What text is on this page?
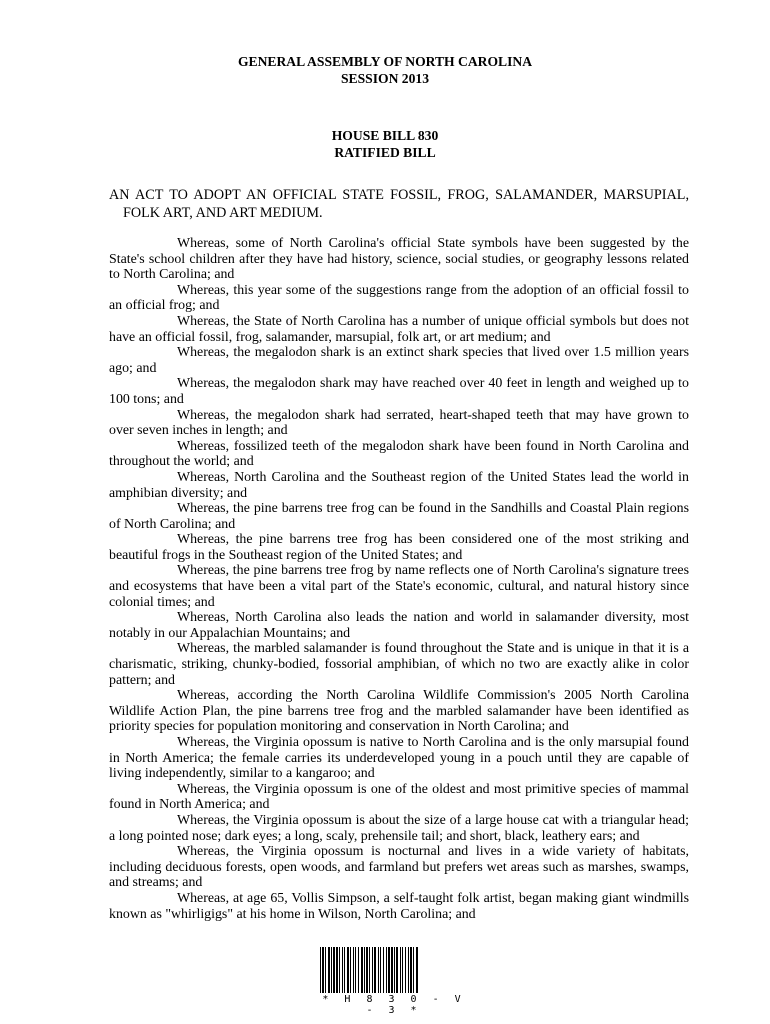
GENERAL ASSEMBLY OF NORTH CAROLINA
SESSION 2013
HOUSE BILL 830
RATIFIED BILL
AN ACT TO ADOPT AN OFFICIAL STATE FOSSIL, FROG, SALAMANDER, MARSUPIAL, FOLK ART, AND ART MEDIUM.

Whereas, some of North Carolina's official State symbols have been suggested by the State's school children after they have had history, science, social studies, or geography lessons related to North Carolina; and

Whereas, this year some of the suggestions range from the adoption of an official fossil to an official frog; and

Whereas, the State of North Carolina has a number of unique official symbols but does not have an official fossil, frog, salamander, marsupial, folk art, or art medium; and

Whereas, the megalodon shark is an extinct shark species that lived over 1.5 million years ago; and

Whereas, the megalodon shark may have reached over 40 feet in length and weighed up to 100 tons; and

Whereas, the megalodon shark had serrated, heart-shaped teeth that may have grown to over seven inches in length; and

Whereas, fossilized teeth of the megalodon shark have been found in North Carolina and throughout the world; and

Whereas, North Carolina and the Southeast region of the United States lead the world in amphibian diversity; and

Whereas, the pine barrens tree frog can be found in the Sandhills and Coastal Plain regions of North Carolina; and

Whereas, the pine barrens tree frog has been considered one of the most striking and beautiful frogs in the Southeast region of the United States; and

Whereas, the pine barrens tree frog by name reflects one of North Carolina's signature trees and ecosystems that have been a vital part of the State's economic, cultural, and natural history since colonial times; and

Whereas, North Carolina also leads the nation and world in salamander diversity, most notably in our Appalachian Mountains; and

Whereas, the marbled salamander is found throughout the State and is unique in that it is a charismatic, striking, chunky-bodied, fossorial amphibian, of which no two are exactly alike in color pattern; and

Whereas, according the North Carolina Wildlife Commission's 2005 North Carolina Wildlife Action Plan, the pine barrens tree frog and the marbled salamander have been identified as priority species for population monitoring and conservation in North Carolina; and

Whereas, the Virginia opossum is native to North Carolina and is the only marsupial found in North America; the female carries its underdeveloped young in a pouch until they are capable of living independently, similar to a kangaroo; and

Whereas, the Virginia opossum is one of the oldest and most primitive species of mammal found in North America; and

Whereas, the Virginia opossum is about the size of a large house cat with a triangular head; a long pointed nose; dark eyes; a long, scaly, prehensile tail; and short, black, leathery ears; and

Whereas, the Virginia opossum is nocturnal and lives in a wide variety of habitats, including deciduous forests, open woods, and farmland but prefers wet areas such as marshes, swamps, and streams; and

Whereas, at age 65, Vollis Simpson, a self-taught folk artist, began making giant windmills known as "whirligigs" at his home in Wilson, North Carolina; and

* H 8 3 0 - V - 3 *
